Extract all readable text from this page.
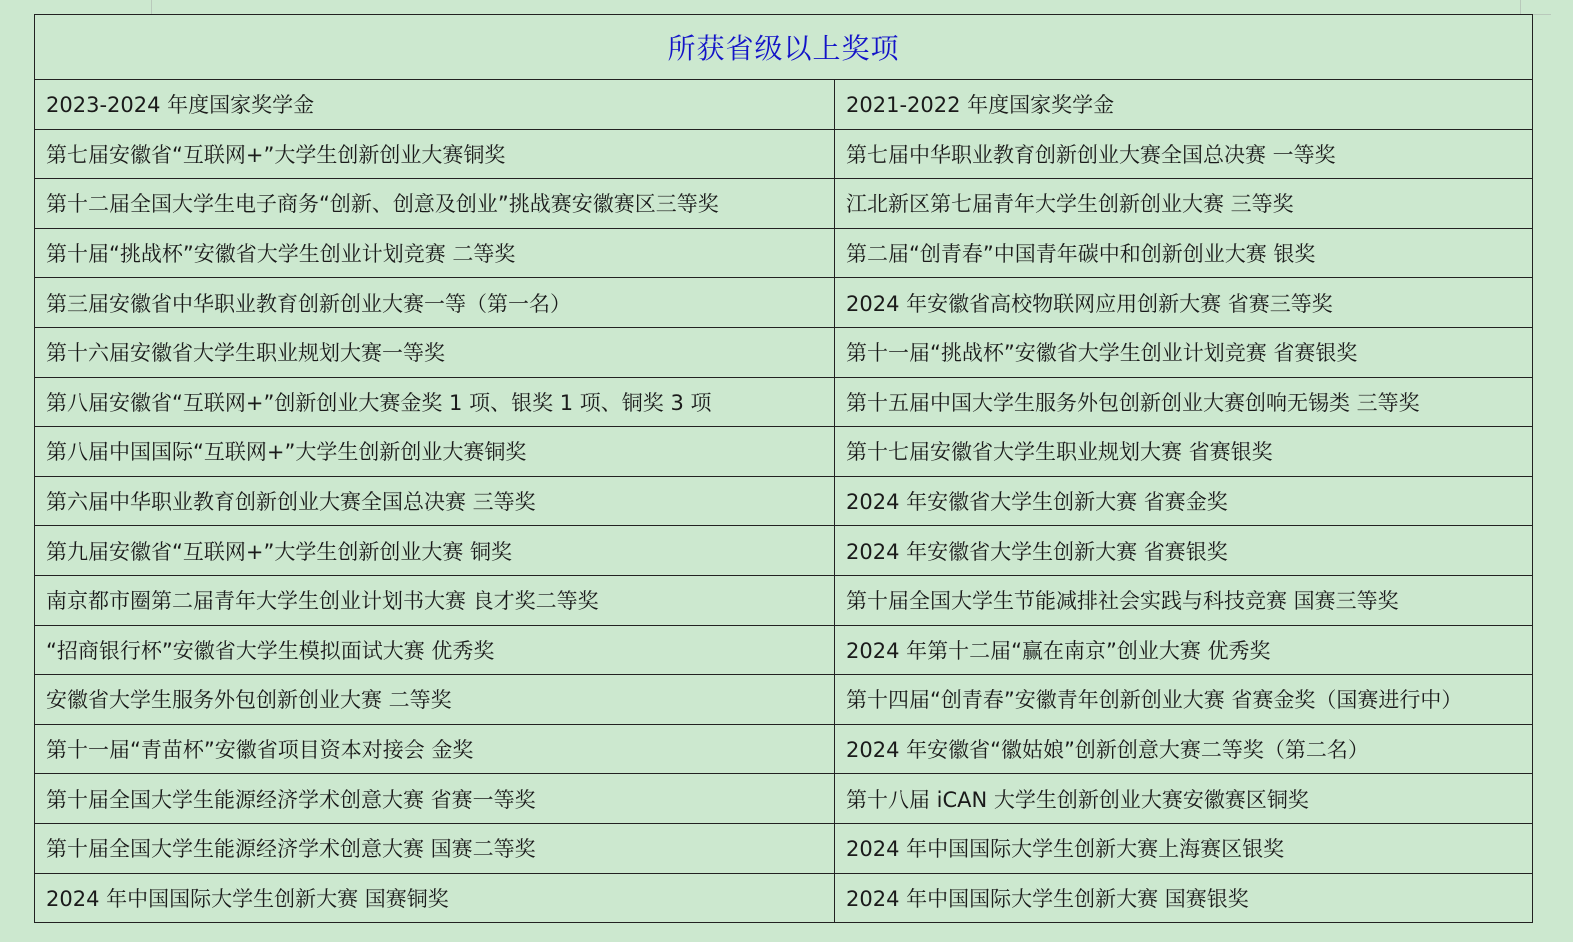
所获省级以上奖项	
2023-2024 年度国家奖学金	2021-2022 年度国家奖学金
第七届安徽省“互联网+”大学生创新创业大赛铜奖	第七届中华职业教育创新创业大赛全国总决赛 一等奖
第十二届全国大学生电子商务“创新、创意及创业”挑战赛安徽赛区三等奖	江北新区第七届青年大学生创新创业大赛 三等奖
第十届“挑战杯”安徽省大学生创业计划竞赛 二等奖	第二届“创青春”中国青年碳中和创新创业大赛 银奖
第三届安徽省中华职业教育创新创业大赛一等（第一名）	2024 年安徽省高校物联网应用创新大赛 省赛三等奖
第十六届安徽省大学生职业规划大赛一等奖	第十一届“挑战杯”安徽省大学生创业计划竞赛 省赛银奖
第八届安徽省“互联网+”创新创业大赛金奖 1 项、银奖 1 项、铜奖 3 项	第十五届中国大学生服务外包创新创业大赛创响无锡类 三等奖
第八届中国国际“互联网+”大学生创新创业大赛铜奖	第十七届安徽省大学生职业规划大赛 省赛银奖
第六届中华职业教育创新创业大赛全国总决赛 三等奖	2024 年安徽省大学生创新大赛 省赛金奖
第九届安徽省“互联网+”大学生创新创业大赛 铜奖	2024 年安徽省大学生创新大赛 省赛银奖
南京都市圈第二届青年大学生创业计划书大赛 良才奖二等奖	第十届全国大学生节能减排社会实践与科技竞赛 国赛三等奖
“招商银行杯”安徽省大学生模拟面试大赛 优秀奖	2024 年第十二届“赢在南京”创业大赛 优秀奖
安徽省大学生服务外包创新创业大赛 二等奖	第十四届“创青春”安徽青年创新创业大赛 省赛金奖（国赛进行中）
第十一届“青苗杯”安徽省项目资本对接会 金奖	2024 年安徽省“徽姑娘”创新创意大赛二等奖（第二名）
第十届全国大学生能源经济学术创意大赛 省赛一等奖	第十八届 iCAN 大学生创新创业大赛安徽赛区铜奖
第十届全国大学生能源经济学术创意大赛 国赛二等奖	2024 年中国国际大学生创新大赛上海赛区银奖
2024 年中国国际大学生创新大赛 国赛铜奖	2024 年中国国际大学生创新大赛 国赛银奖
